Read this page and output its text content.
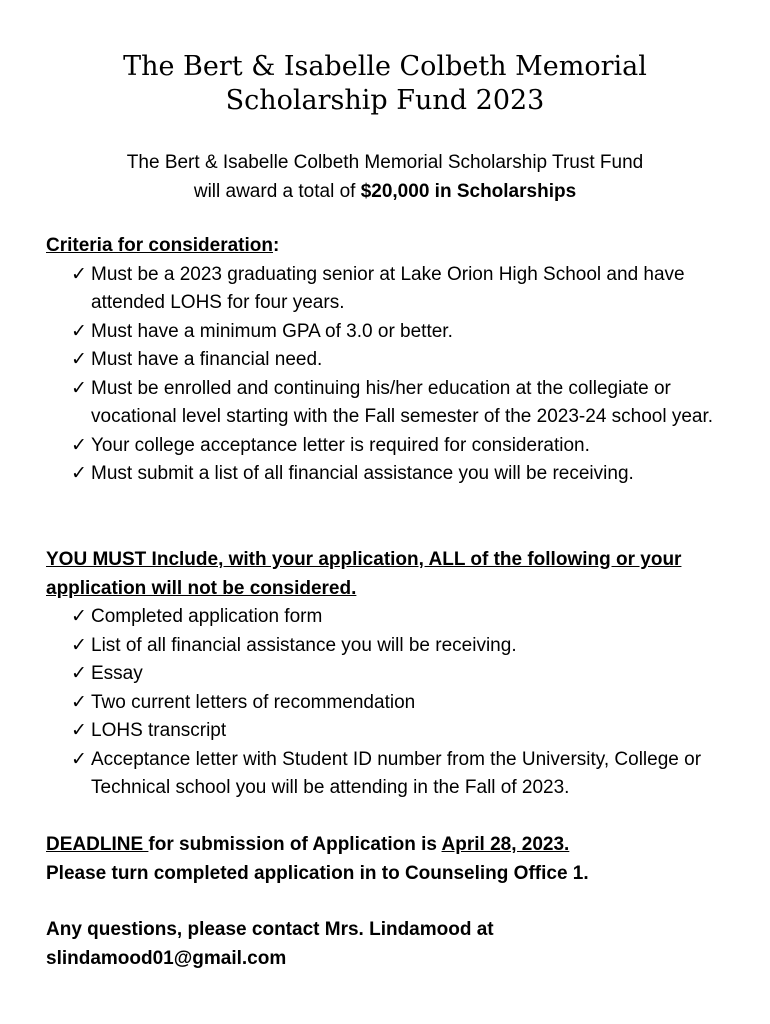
The Bert & Isabelle Colbeth Memorial
Scholarship Fund 2023
The Bert & Isabelle Colbeth Memorial Scholarship Trust Fund
will award a total of $20,000 in Scholarships
Criteria for consideration:
✓ Must be a 2023 graduating senior at Lake Orion High School and have attended LOHS for four years.
✓ Must have a minimum GPA of 3.0 or better.
✓ Must have a financial need.
✓ Must be enrolled and continuing his/her education at the collegiate or vocational level starting with the Fall semester of the 2023-24 school year.
✓ Your college acceptance letter is required for consideration.
✓ Must submit a list of all financial assistance you will be receiving.
YOU MUST Include, with your application, ALL of the following or your application will not be considered.
✓ Completed application form
✓ List of all financial assistance you will be receiving.
✓ Essay
✓ Two current letters of recommendation
✓ LOHS transcript
✓ Acceptance letter with Student ID number from the University, College or Technical school you will be attending in the Fall of 2023.
DEADLINE for submission of Application is April 28, 2023.
Please turn completed application in to Counseling Office 1.
Any questions, please contact Mrs. Lindamood at
slindamood01@gmail.com
